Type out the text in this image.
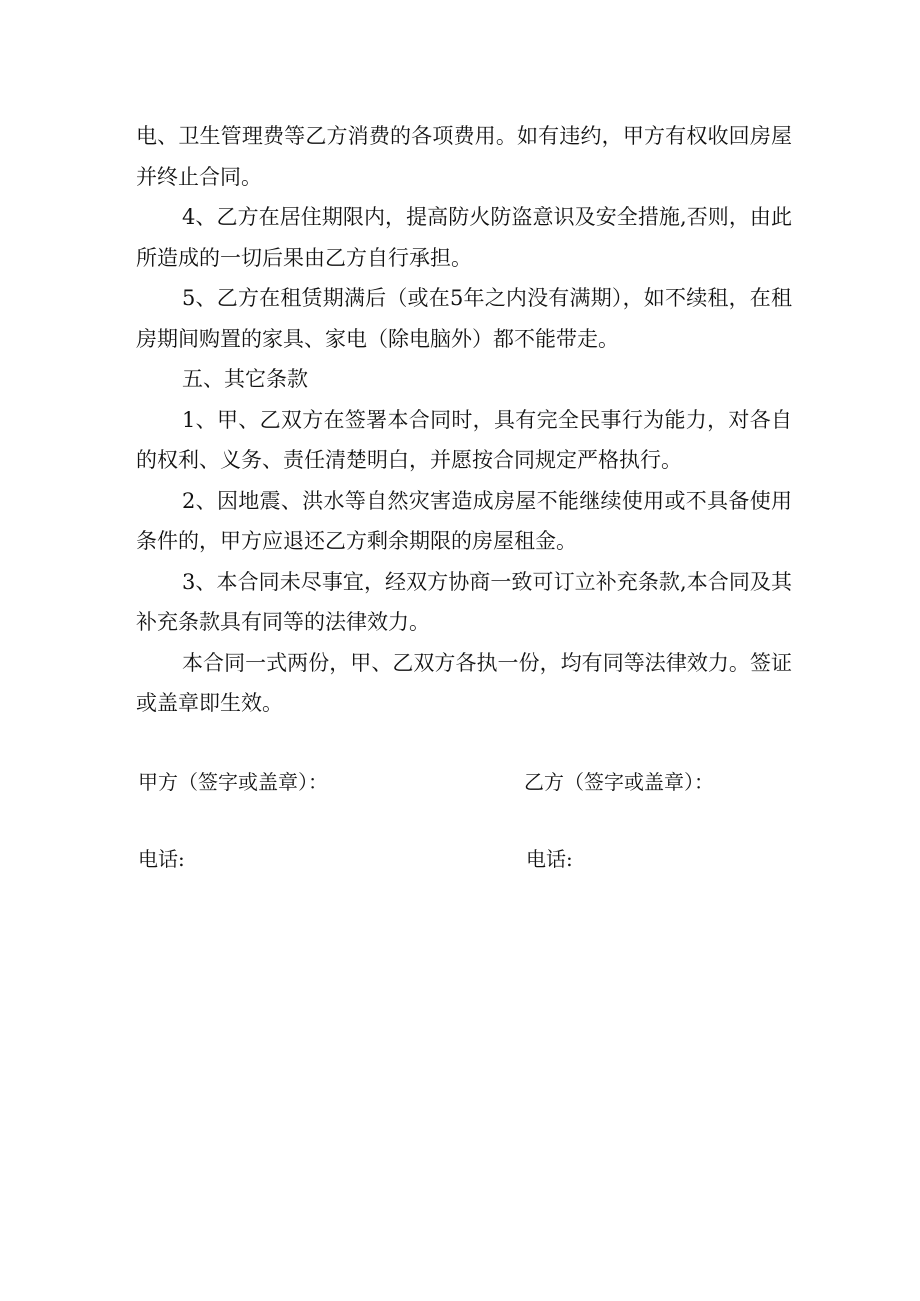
电、卫生管理费等乙方消费的各项费用。如有违约，甲方有权收回房屋并终止合同。

4、乙方在居住期限内，提高防火防盗意识及安全措施,否则，由此所造成的一切后果由乙方自行承担。

5、乙方在租赁期满后（或在5年之内没有满期），如不续租，在租房期间购置的家具、家电（除电脑外）都不能带走。

五、其它条款

1、甲、乙双方在签署本合同时，具有完全民事行为能力，对各自的权利、义务、责任清楚明白，并愿按合同规定严格执行。

2、因地震、洪水等自然灾害造成房屋不能继续使用或不具备使用条件的，甲方应退还乙方剩余期限的房屋租金。

3、本合同未尽事宜，经双方协商一致可订立补充条款,本合同及其补充条款具有同等的法律效力。

本合同一式两份，甲、乙双方各执一份，均有同等法律效力。签证或盖章即生效。

甲方（签字或盖章）：	乙方（签字或盖章）：
电话:	电话:
